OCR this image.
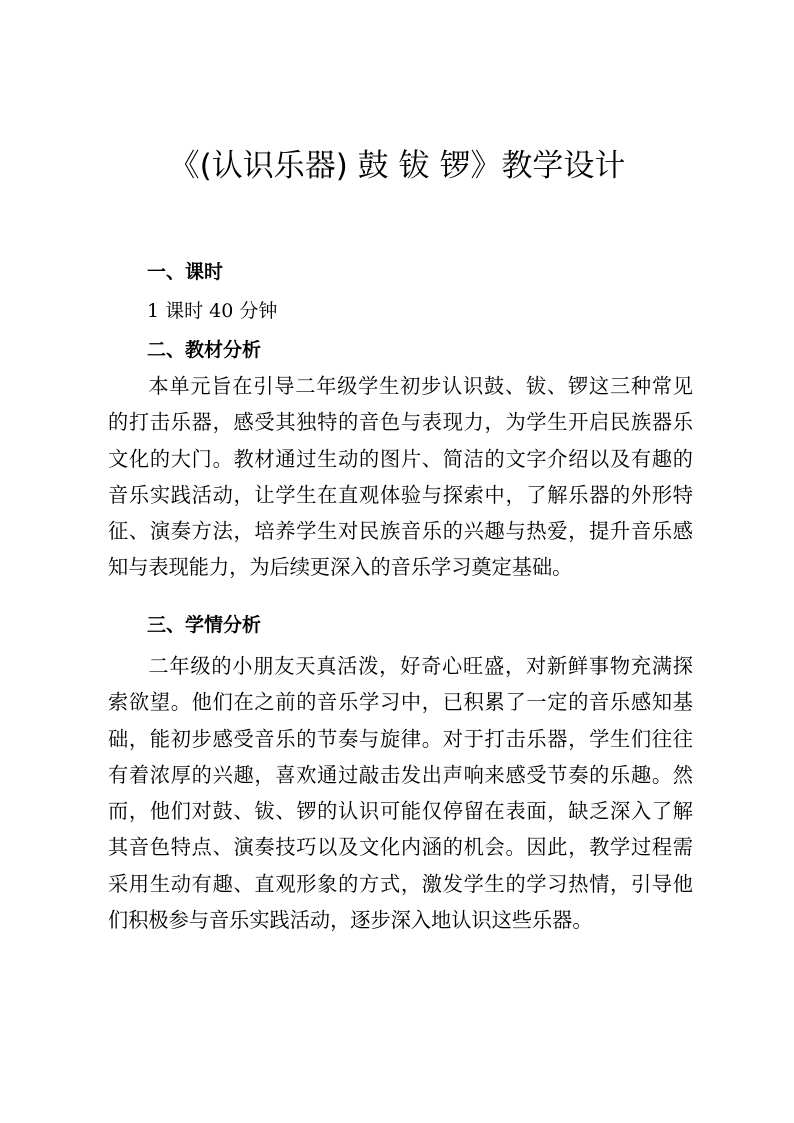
《(认识乐器) 鼓 钹 锣》教学设计
一、课时
1 课时 40 分钟
二、教材分析
本单元旨在引导二年级学生初步认识鼓、钹、锣这三种常见的打击乐器，感受其独特的音色与表现力，为学生开启民族器乐文化的大门。教材通过生动的图片、简洁的文字介绍以及有趣的音乐实践活动，让学生在直观体验与探索中，了解乐器的外形特征、演奏方法，培养学生对民族音乐的兴趣与热爱，提升音乐感知与表现能力，为后续更深入的音乐学习奠定基础。
三、学情分析
二年级的小朋友天真活泼，好奇心旺盛，对新鲜事物充满探索欲望。他们在之前的音乐学习中，已积累了一定的音乐感知基础，能初步感受音乐的节奏与旋律。对于打击乐器，学生们往往有着浓厚的兴趣，喜欢通过敲击发出声响来感受节奏的乐趣。然而，他们对鼓、钹、锣的认识可能仅停留在表面，缺乏深入了解其音色特点、演奏技巧以及文化内涵的机会。因此，教学过程需采用生动有趣、直观形象的方式，激发学生的学习热情，引导他们积极参与音乐实践活动，逐步深入地认识这些乐器。
